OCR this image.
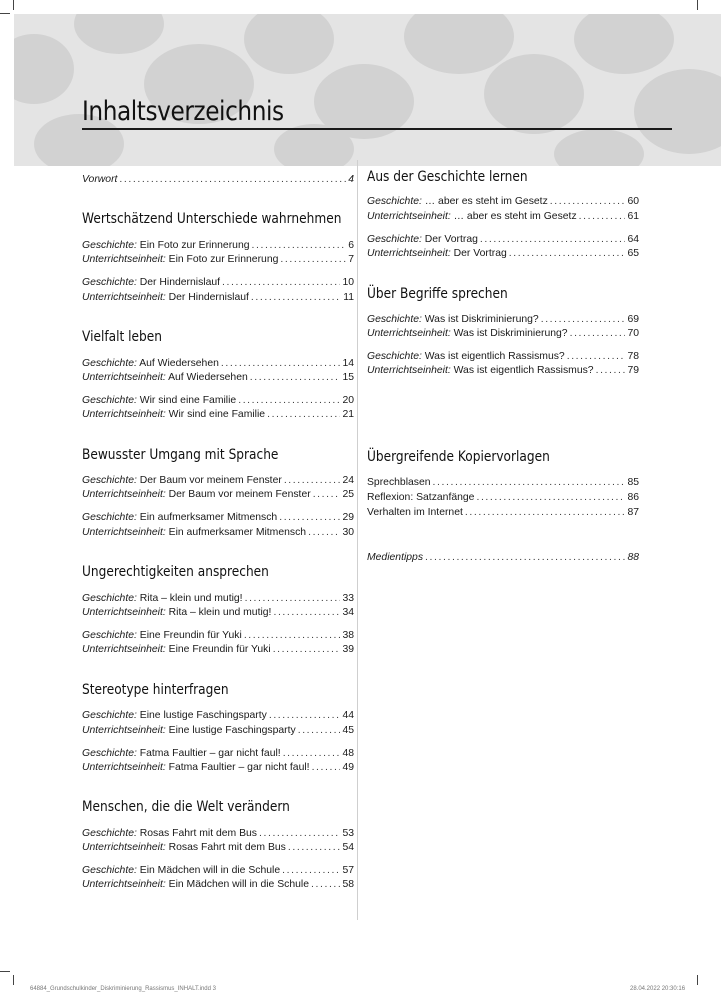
Inhaltsverzeichnis
Vorwort .....	4
Wertschätzend Unterschiede wahrnehmen
Geschichte: Ein Foto zur Erinnerung .....	6
Unterrichtseinheit: Ein Foto zur Erinnerung .....	7
Geschichte: Der Hindernislauf .....	10
Unterrichtseinheit: Der Hindernislauf .....	11
Vielfalt leben
Geschichte: Auf Wiedersehen .....	14
Unterrichtseinheit: Auf Wiedersehen .....	15
Geschichte: Wir sind eine Familie .....	20
Unterrichtseinheit: Wir sind eine Familie .....	21
Bewusster Umgang mit Sprache
Geschichte: Der Baum vor meinem Fenster .....	24
Unterrichtseinheit: Der Baum vor meinem Fenster .....	25
Geschichte: Ein aufmerksamer Mitmensch .....	29
Unterrichtseinheit: Ein aufmerksamer Mitmensch .....	30
Ungerechtigkeiten ansprechen
Geschichte: Rita – klein und mutig! .....	33
Unterrichtseinheit: Rita – klein und mutig! .....	34
Geschichte: Eine Freundin für Yuki .....	38
Unterrichtseinheit: Eine Freundin für Yuki .....	39
Stereotype hinterfragen
Geschichte: Eine lustige Faschingsparty .....	44
Unterrichtseinheit: Eine lustige Faschingsparty .....	45
Geschichte: Fatma Faultier – gar nicht faul! .....	48
Unterrichtseinheit: Fatma Faultier – gar nicht faul! .....	49
Menschen, die die Welt verändern
Geschichte: Rosas Fahrt mit dem Bus .....	53
Unterrichtseinheit: Rosas Fahrt mit dem Bus .....	54
Geschichte: Ein Mädchen will in die Schule .....	57
Unterrichtseinheit: Ein Mädchen will in die Schule .....	58
Aus der Geschichte lernen
Geschichte: … aber es steht im Gesetz .....	60
Unterrichtseinheit: … aber es steht im Gesetz .....	61
Geschichte: Der Vortrag .....	64
Unterrichtseinheit: Der Vortrag .....	65
Über Begriffe sprechen
Geschichte: Was ist Diskriminierung? .....	69
Unterrichtseinheit: Was ist Diskriminierung? .....	70
Geschichte: Was ist eigentlich Rassismus? .....	78
Unterrichtseinheit: Was ist eigentlich Rassismus? .....	79
Übergreifende Kopiervorlagen
Sprechblasen .....	85
Reflexion: Satzanfänge .....	86
Verhalten im Internet .....	87
Medientipps .....	88
64884_Grundschulkinder_Diskriminierung_Rassismus_INHALT.indd 3	28.04.2022 20:30:16
